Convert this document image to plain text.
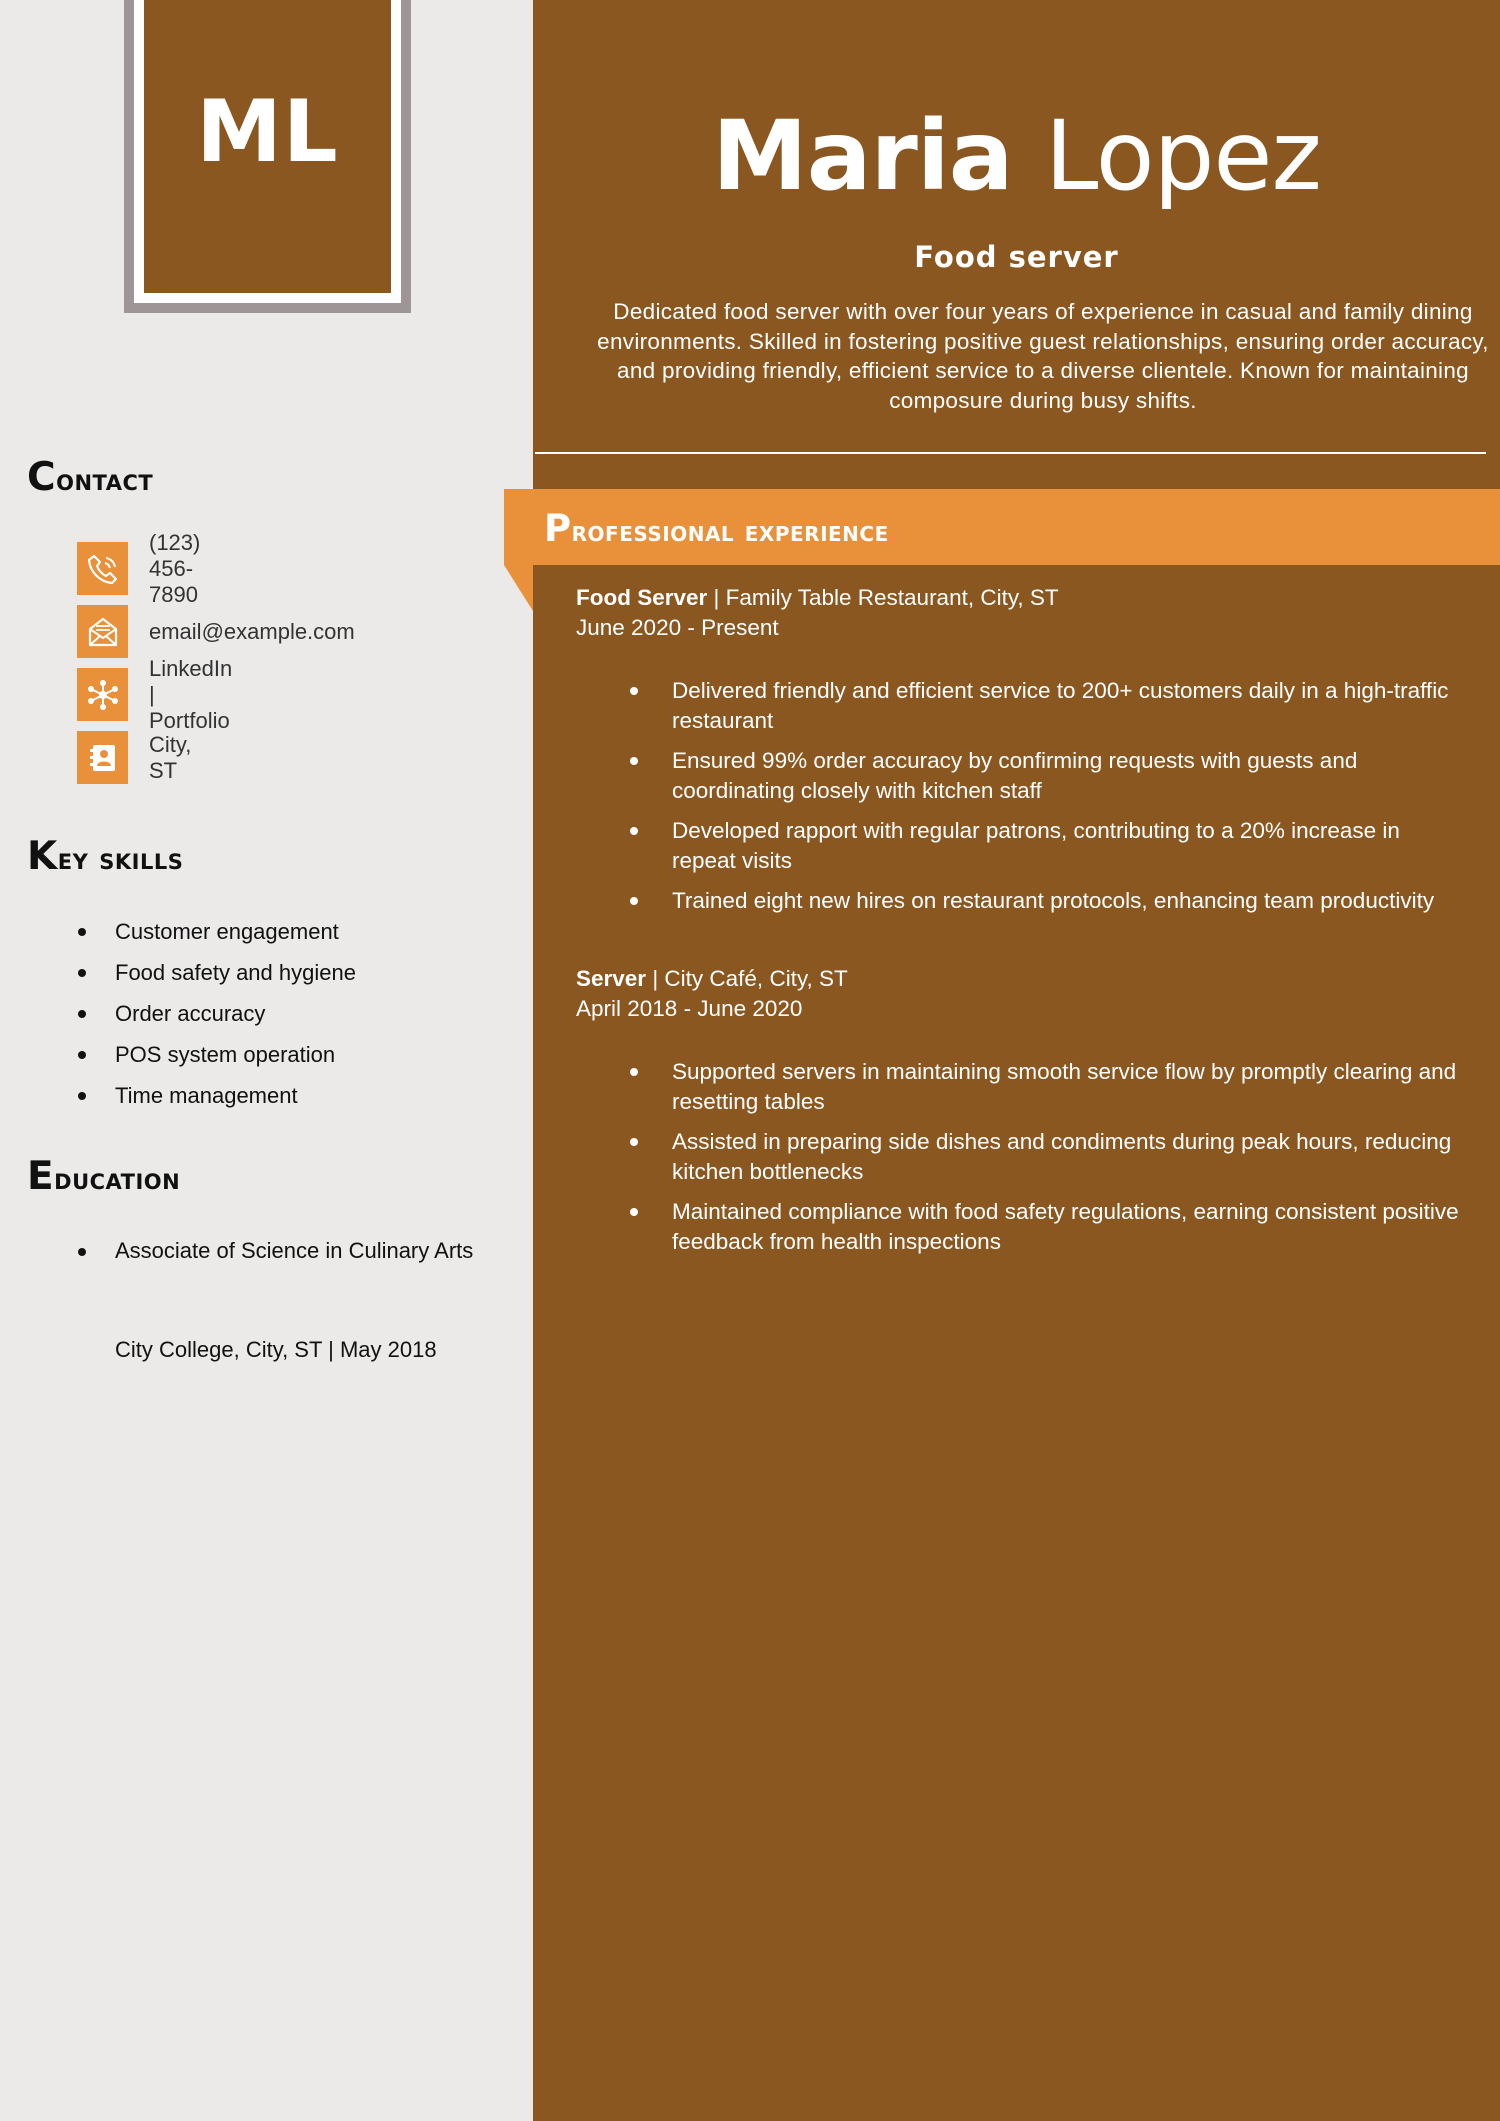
ML
Contact
(123) 456-7890
email@example.com
LinkedIn | Portfolio
City, ST
Key skills
Customer engagement
Food safety and hygiene
Order accuracy
POS system operation
Time management
Education
Associate of Science in Culinary Arts
City College, City, ST | May 2018
Maria Lopez

Food server

Dedicated food server with over four years of experience in casual and family dining environments. Skilled in fostering positive guest relationships, ensuring order accuracy, and providing friendly, efficient service to a diverse clientele. Known for maintaining composure during busy shifts.

Professional experience
Food Server | Family Table Restaurant, City, ST
June 2020 - Present
Delivered friendly and efficient service to 200+ customers daily in a high-traffic restaurant
Ensured 99% order accuracy by confirming requests with guests and coordinating closely with kitchen staff
Developed rapport with regular patrons, contributing to a 20% increase in repeat visits
Trained eight new hires on restaurant protocols, enhancing team productivity
Server | City Café, City, ST
April 2018 - June 2020
Supported servers in maintaining smooth service flow by promptly clearing and resetting tables
Assisted in preparing side dishes and condiments during peak hours, reducing kitchen bottlenecks
Maintained compliance with food safety regulations, earning consistent positive feedback from health inspections
